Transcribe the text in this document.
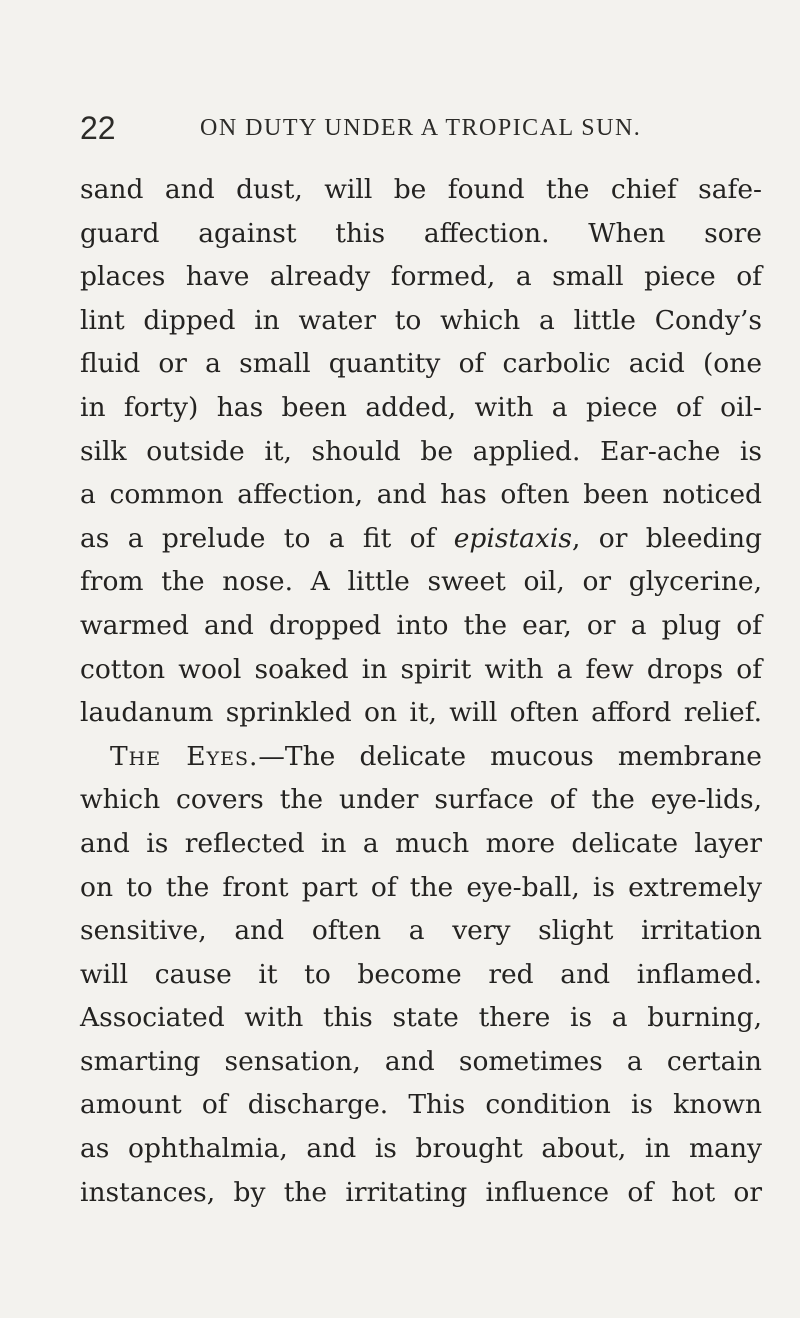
22	ON DUTY UNDER A TROPICAL SUN.
sand and dust, will be found the chief safe-
guard against this affection. When sore
places have already formed, a small piece of
lint dipped in water to which a little Condy’s
fluid or a small quantity of carbolic acid (one
in forty) has been added, with a piece of oil-
silk outside it, should be applied. Ear-ache is
a common affection, and has often been noticed
as a prelude to a fit of epistaxis, or bleeding
from the nose. A little sweet oil, or glycerine,
warmed and dropped into the ear, or a plug of
cotton wool soaked in spirit with a few drops of
laudanum sprinkled on it, will often afford relief.
The Eyes.—The delicate mucous membrane
which covers the under surface of the eye-lids,
and is reflected in a much more delicate layer
on to the front part of the eye-ball, is extremely
sensitive, and often a very slight irritation
will cause it to become red and inflamed.
Associated with this state there is a burning,
smarting sensation, and sometimes a certain
amount of discharge. This condition is known
as ophthalmia, and is brought about, in many
instances, by the irritating influence of hot or
